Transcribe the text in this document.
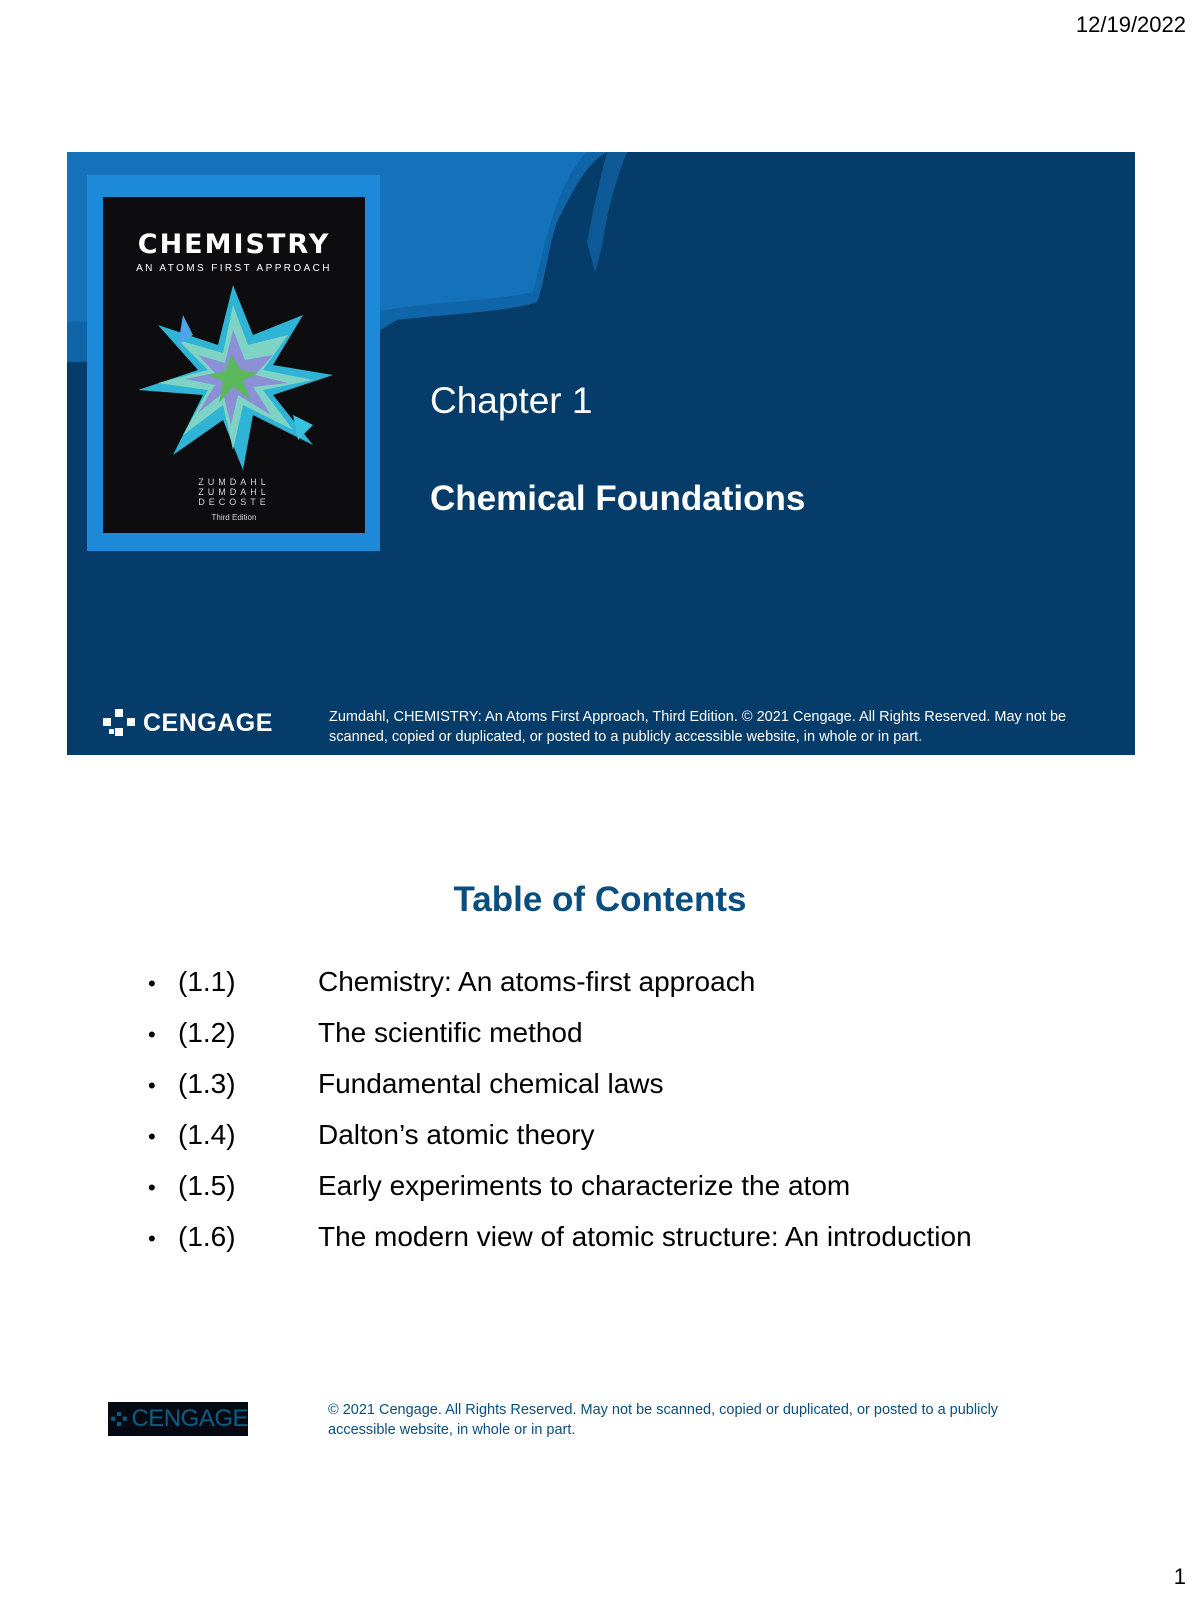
12/19/2022
CHEMISTRY
AN ATOMS FIRST APPROACH
ZUMDAHL
ZUMDAHL
DECOSTE
Third Edition
Chapter 1
Chemical Foundations
CENGAGE	Zumdahl, CHEMISTRY: An Atoms First Approach, Third Edition. © 2021 Cengage. All Rights Reserved. May not be scanned, copied or duplicated, or posted to a publicly accessible website, in whole or in part.
Table of Contents
• (1.1)	Chemistry: An atoms-first approach
• (1.2)	The scientific method
• (1.3)	Fundamental chemical laws
• (1.4)	Dalton’s atomic theory
• (1.5)	Early experiments to characterize the atom
• (1.6)	The modern view of atomic structure: An introduction
CENGAGE	© 2021 Cengage. All Rights Reserved. May not be scanned, copied or duplicated, or posted to a publicly accessible website, in whole or in part.
1
